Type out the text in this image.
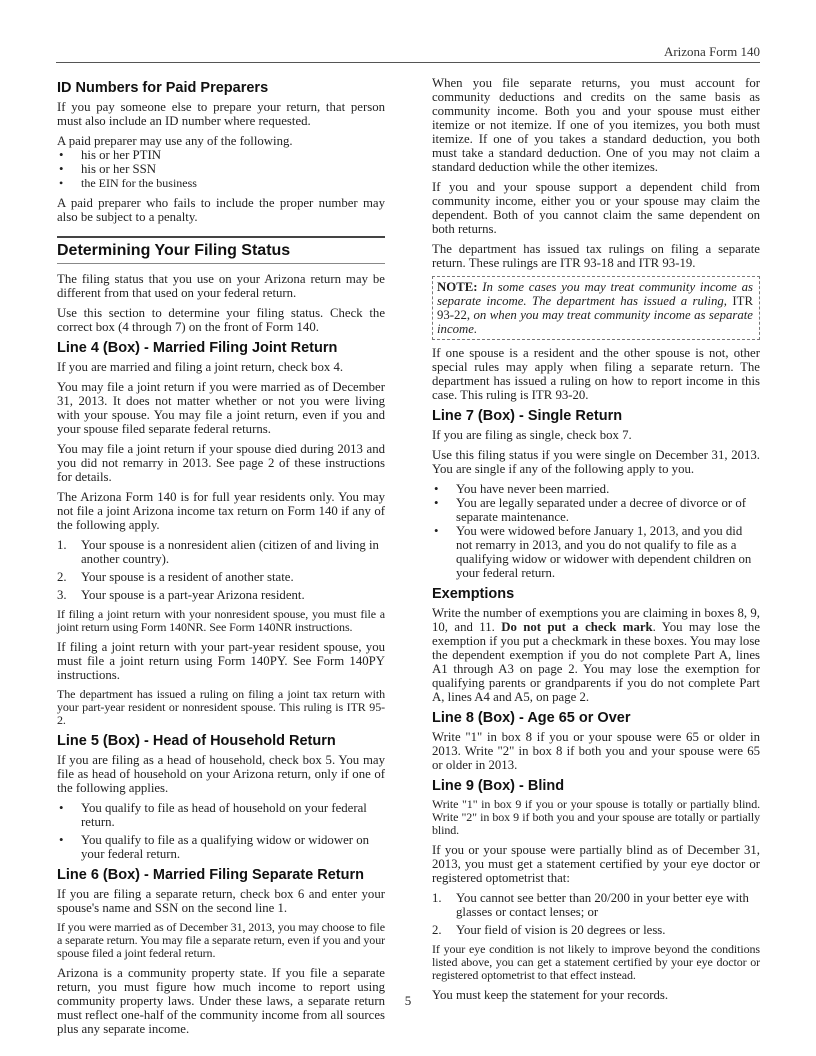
Arizona Form 140
ID Numbers for Paid Preparers

If you pay someone else to prepare your return, that person must also include an ID number where requested.

A paid preparer may use any of the following.

• his or her PTIN
• his or her SSN
• the EIN for the business

A paid preparer who fails to include the proper number may also be subject to a penalty.

Determining Your Filing Status

The filing status that you use on your Arizona return may be different from that used on your federal return.

Use this section to determine your filing status. Check the correct box (4 through 7) on the front of Form 140.

Line 4 (Box) - Married Filing Joint Return

If you are married and filing a joint return, check box 4.

You may file a joint return if you were married as of December 31, 2013. It does not matter whether or not you were living with your spouse. You may file a joint return, even if you and your spouse filed separate federal returns.

You may file a joint return if your spouse died during 2013 and you did not remarry in 2013. See page 2 of these instructions for details.

The Arizona Form 140 is for full year residents only. You may not file a joint Arizona income tax return on Form 140 if any of the following apply.

1. Your spouse is a nonresident alien (citizen of and living in another country).
2. Your spouse is a resident of another state.
3. Your spouse is a part-year Arizona resident.

If filing a joint return with your nonresident spouse, you must file a joint return using Form 140NR. See Form 140NR instructions.

If filing a joint return with your part-year resident spouse, you must file a joint return using Form 140PY. See Form 140PY instructions.

The department has issued a ruling on filing a joint tax return with your part-year resident or nonresident spouse. This ruling is ITR 95-2.

Line 5 (Box) - Head of Household Return

If you are filing as a head of household, check box 5. You may file as head of household on your Arizona return, only if one of the following applies.

• You qualify to file as head of household on your federal return.
• You qualify to file as a qualifying widow or widower on your federal return.
Line 6 (Box) - Married Filing Separate Return

If you are filing a separate return, check box 6 and enter your spouse's name and SSN on the second line 1.

If you were married as of December 31, 2013, you may choose to file a separate return. You may file a separate return, even if you and your spouse filed a joint federal return.

Arizona is a community property state. If you file a separate return, you must figure how much income to report using community property laws. Under these laws, a separate return must reflect one-half of the community income from all sources plus any separate income.

When you file separate returns, you must account for community deductions and credits on the same basis as community income. Both you and your spouse must either itemize or not itemize. If one of you itemizes, you both must itemize. If one of you takes a standard deduction, you both must take a standard deduction. One of you may not claim a standard deduction while the other itemizes.

If you and your spouse support a dependent child from community income, either you or your spouse may claim the dependent. Both of you cannot claim the same dependent on both returns.

The department has issued tax rulings on filing a separate return. These rulings are ITR 93-18 and ITR 93-19.

NOTE: In some cases you may treat community income as separate income. The department has issued a ruling, ITR 93-22, on when you may treat community income as separate income.

If one spouse is a resident and the other spouse is not, other special rules may apply when filing a separate return. The department has issued a ruling on how to report income in this case. This ruling is ITR 93-20.

Line 7 (Box) - Single Return

If you are filing as single, check box 7.

Use this filing status if you were single on December 31, 2013. You are single if any of the following apply to you.

• You have never been married.
• You are legally separated under a decree of divorce or of separate maintenance.
• You were widowed before January 1, 2013, and you did not remarry in 2013, and you do not qualify to file as a qualifying widow or widower with dependent children on your federal return.
Exemptions

Write the number of exemptions you are claiming in boxes 8, 9, 10, and 11. Do not put a check mark. You may lose the exemption if you put a checkmark in these boxes. You may lose the dependent exemption if you do not complete Part A, lines A1 through A3 on page 2. You may lose the exemption for qualifying parents or grandparents if you do not complete Part A, lines A4 and A5, on page 2.

Line 8 (Box) - Age 65 or Over

Write "1" in box 8 if you or your spouse were 65 or older in 2013. Write "2" in box 8 if both you and your spouse were 65 or older in 2013.

Line 9 (Box) - Blind

Write "1" in box 9 if you or your spouse is totally or partially blind. Write "2" in box 9 if both you and your spouse are totally or partially blind.

If you or your spouse were partially blind as of December 31, 2013, you must get a statement certified by your eye doctor or registered optometrist that:

1. You cannot see better than 20/200 in your better eye with glasses or contact lenses; or
2. Your field of vision is 20 degrees or less.

If your eye condition is not likely to improve beyond the conditions listed above, you can get a statement certified by your eye doctor or registered optometrist to that effect instead.

You must keep the statement for your records.

5
